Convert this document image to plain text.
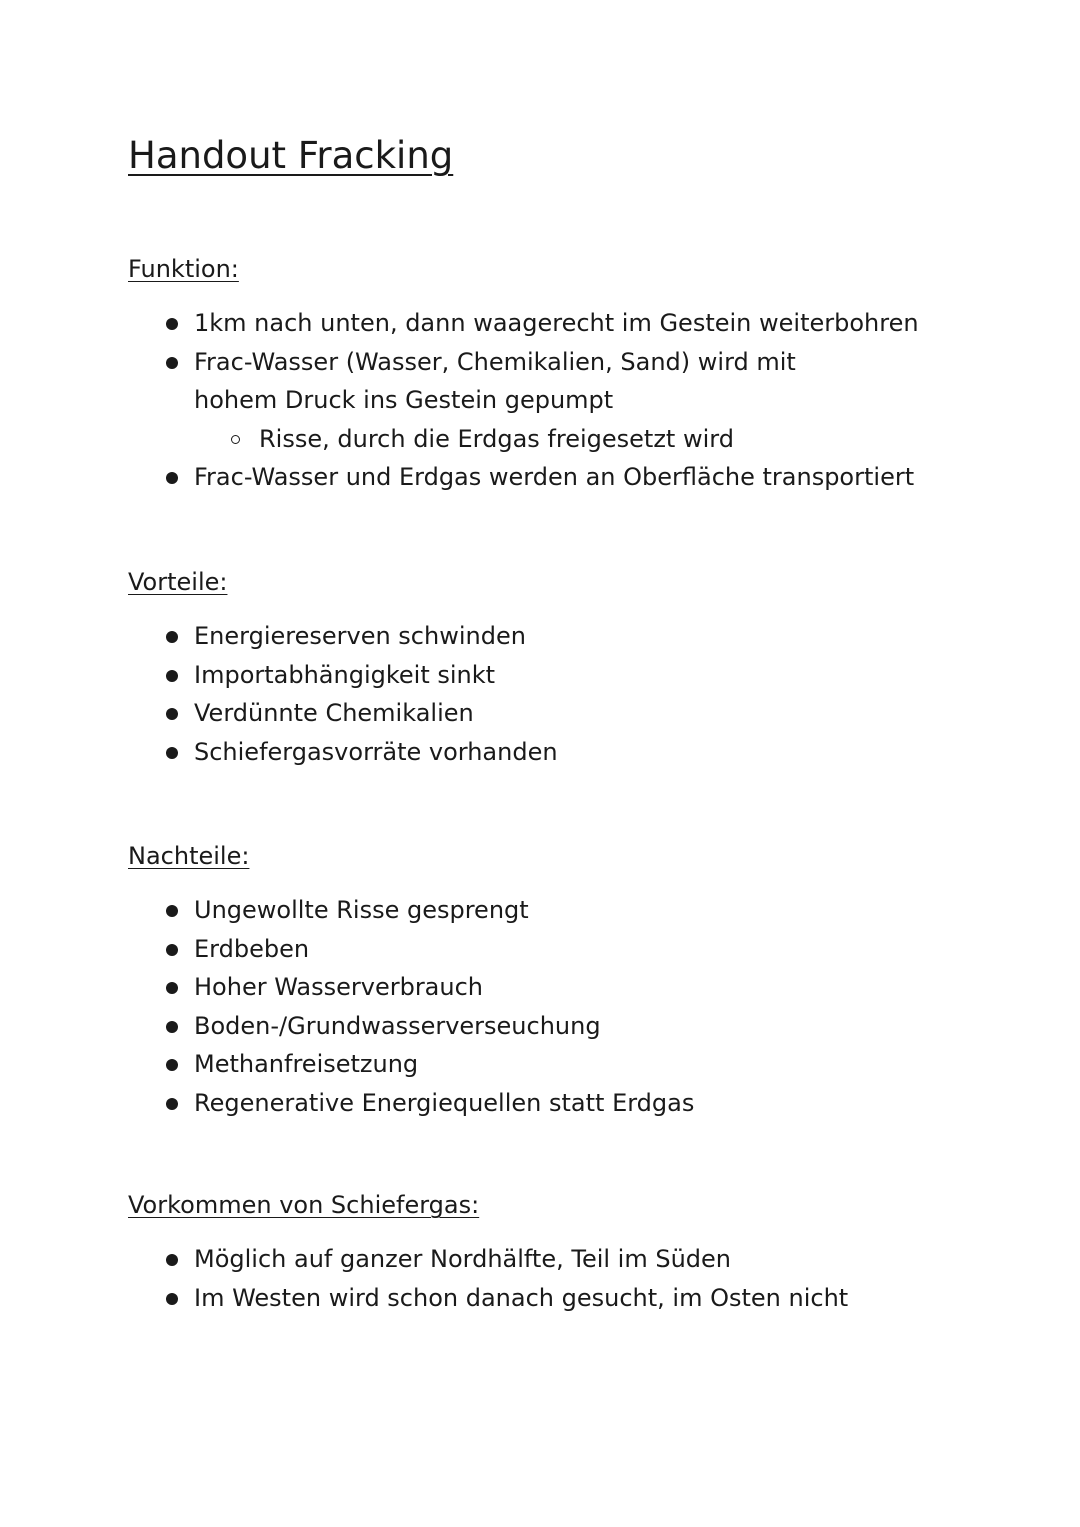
Handout Fracking
Funktion:
1km nach unten, dann waagerecht im Gestein weiterbohren
Frac-Wasser (Wasser, Chemikalien, Sand) wird mit hohem Druck ins Gestein gepumpt
Risse, durch die Erdgas freigesetzt wird
Frac-Wasser und Erdgas werden an Oberfläche transportiert
Vorteile:
Energiereserven schwinden
Importabhängigkeit sinkt
Verdünnte Chemikalien
Schiefergasvorräte vorhanden
Nachteile:
Ungewollte Risse gesprengt
Erdbeben
Hoher Wasserverbrauch
Boden-/Grundwasserverseuchung
Methanfreisetzung
Regenerative Energiequellen statt Erdgas
Vorkommen von Schiefergas:
Möglich auf ganzer Nordhälfte, Teil im Süden
Im Westen wird schon danach gesucht, im Osten nicht
